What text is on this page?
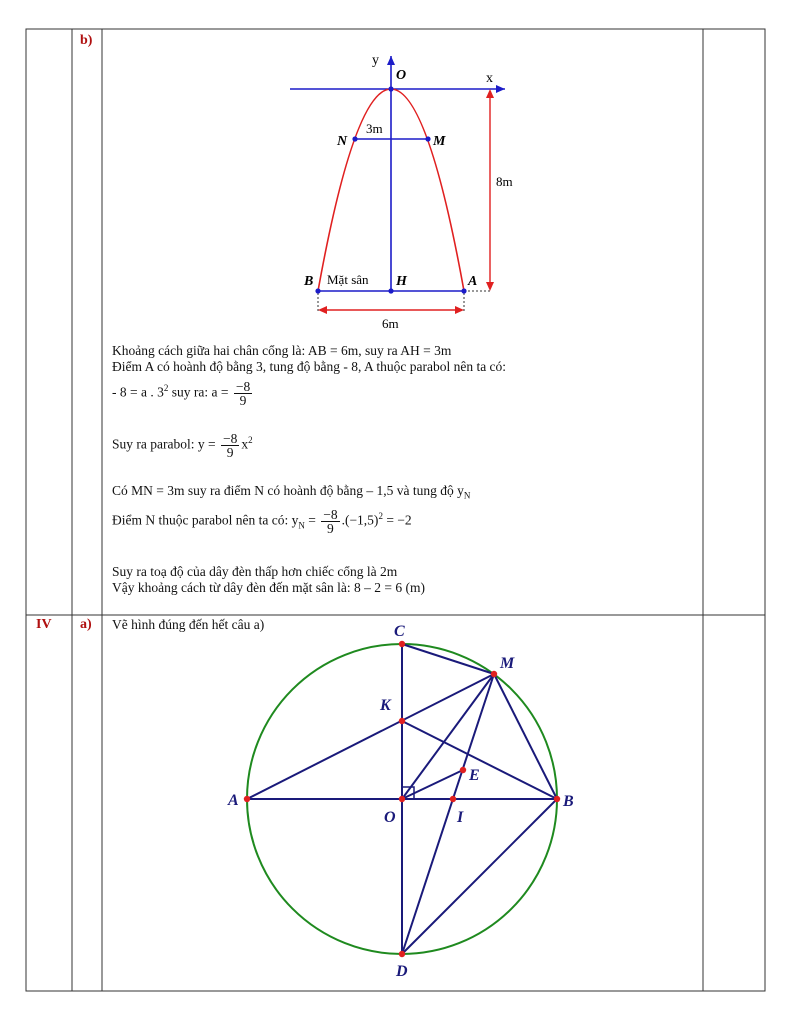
b)
IV a)
y
x
O
N	M
3m
8m
B Mặt sân H	A
6m
Khoảng cách giữa hai chân cổng là: AB = 6m, suy ra AH = 3m
Điểm A có hoành độ bằng 3, tung độ bằng - 8, A thuộc parabol nên ta có:
- 8 = a . $3^2$ suy ra: $a = \frac{-8}{9}$
Suy ra parabol: $y = \frac{-8}{9} x^2$
Có MN = 3m suy ra điểm N có hoành độ bằng – 1,5 và tung độ $y_N$
Điểm N thuộc parabol nên ta có: $y_N = \frac{-8}{9} .(-1,5)^2 = -2$
Suy ra toạ độ của dây đèn thấp hơn chiếc cổng là 2m
Vậy khoảng cách từ dây đèn đến mặt sân là: 8 – 2 = 6 (m)
Vẽ hình đúng đến hết câu a)	C
M
K
E
A
O	I
B
D
